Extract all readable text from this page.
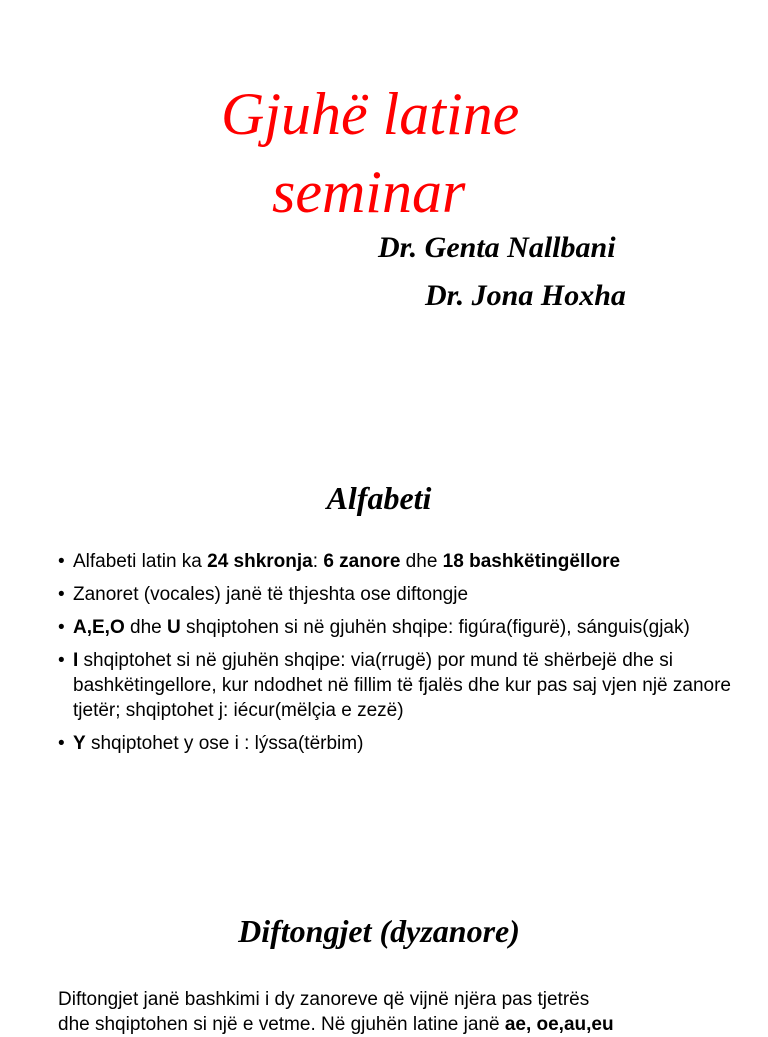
Gjuhë latine
seminar
Dr. Genta Nallbani
Dr. Jona Hoxha
Alfabeti
• Alfabeti latin ka 24 shkronja: 6 zanore dhe 18 bashkëtingëllore
• Zanoret (vocales) janë të thjeshta ose diftongje
• A,E,O dhe U shqiptohen si në gjuhën shqipe: figúra(figurë), sánguis(gjak)
• I shqiptohet si në gjuhën shqipe: via(rrugë) por mund të shërbejë dhe si bashkëtingellore, kur ndodhet në fillim të fjalës dhe kur pas saj vjen një zanore tjetër; shqiptohet j: iécur(mëlçia e zezë)
• Y shqiptohet y ose i : lýssa(tërbim)
Diftongjet (dyzanore)

Diftongjet janë bashkimi i dy zanoreve që vijnë njëra pas tjetrës
dhe shqiptohen si një e vetme. Në gjuhën latine janë ae, oe,au,eu
